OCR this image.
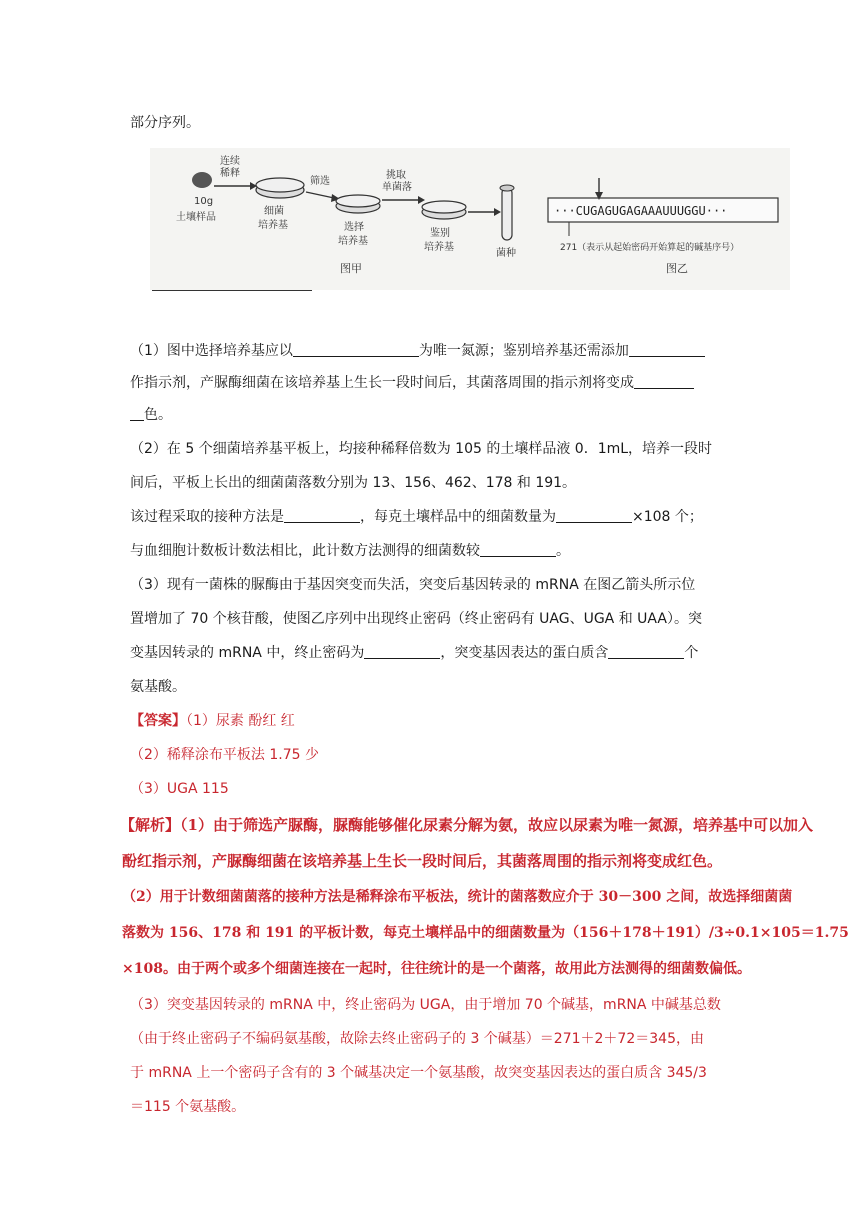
部分序列。
10g
土壤样品
连续
稀释
细菌
培养基
筛选
选择
培养基
挑取
单菌落
鉴别
培养基
菌种
图甲
···CUGAGUGAGAAAUUUGGU···
271（表示从起始密码开始算起的碱基序号）
图乙
（1）图中选择培养基应以	为唯一氮源；鉴别培养基还需添加
作指示剂，产脲酶细菌在该培养基上生长一段时间后，其菌落周围的指示剂将变成
色。
（2）在 5 个细菌培养基平板上，均接种稀释倍数为 105 的土壤样品液 0．1mL，培养一段时
间后，平板上长出的细菌菌落数分别为 13、156、462、178 和 191。
该过程采取的接种方法是	，每克土壤样品中的细菌数量为	×108 个；
与血细胞计数板计数法相比，此计数方法测得的细菌数较	。
（3）现有一菌株的脲酶由于基因突变而失活，突变后基因转录的 mRNA 在图乙箭头所示位
置增加了 70 个核苷酸，使图乙序列中出现终止密码（终止密码有 UAG、UGA 和 UAA）。突
变基因转录的 mRNA 中，终止密码为	，突变基因表达的蛋白质含	个
氨基酸。
【答案】（1）尿素 酚红 红
（2）稀释涂布平板法 1.75 少
（3）UGA 115
【解析】（1）由于筛选产脲酶，脲酶能够催化尿素分解为氨，故应以尿素为唯一氮源，培养基中可以加入
酚红指示剂，产脲酶细菌在该培养基上生长一段时间后，其菌落周围的指示剂将变成红色。
（2）用于计数细菌菌落的接种方法是稀释涂布平板法，统计的菌落数应介于 30－300 之间，故选择细菌菌
落数为 156、178 和 191 的平板计数，每克土壤样品中的细菌数量为（156＋178＋191）/3÷0.1×105＝1.75
×108。由于两个或多个细菌连接在一起时，往往统计的是一个菌落，故用此方法测得的细菌数偏低。
（3）突变基因转录的 mRNA 中，终止密码为 UGA，由于增加 70 个碱基，mRNA 中碱基总数
（由于终止密码子不编码氨基酸，故除去终止密码子的 3 个碱基）＝271＋2＋72＝345，由
于 mRNA 上一个密码子含有的 3 个碱基决定一个氨基酸，故突变基因表达的蛋白质含 345/3
＝115 个氨基酸。
